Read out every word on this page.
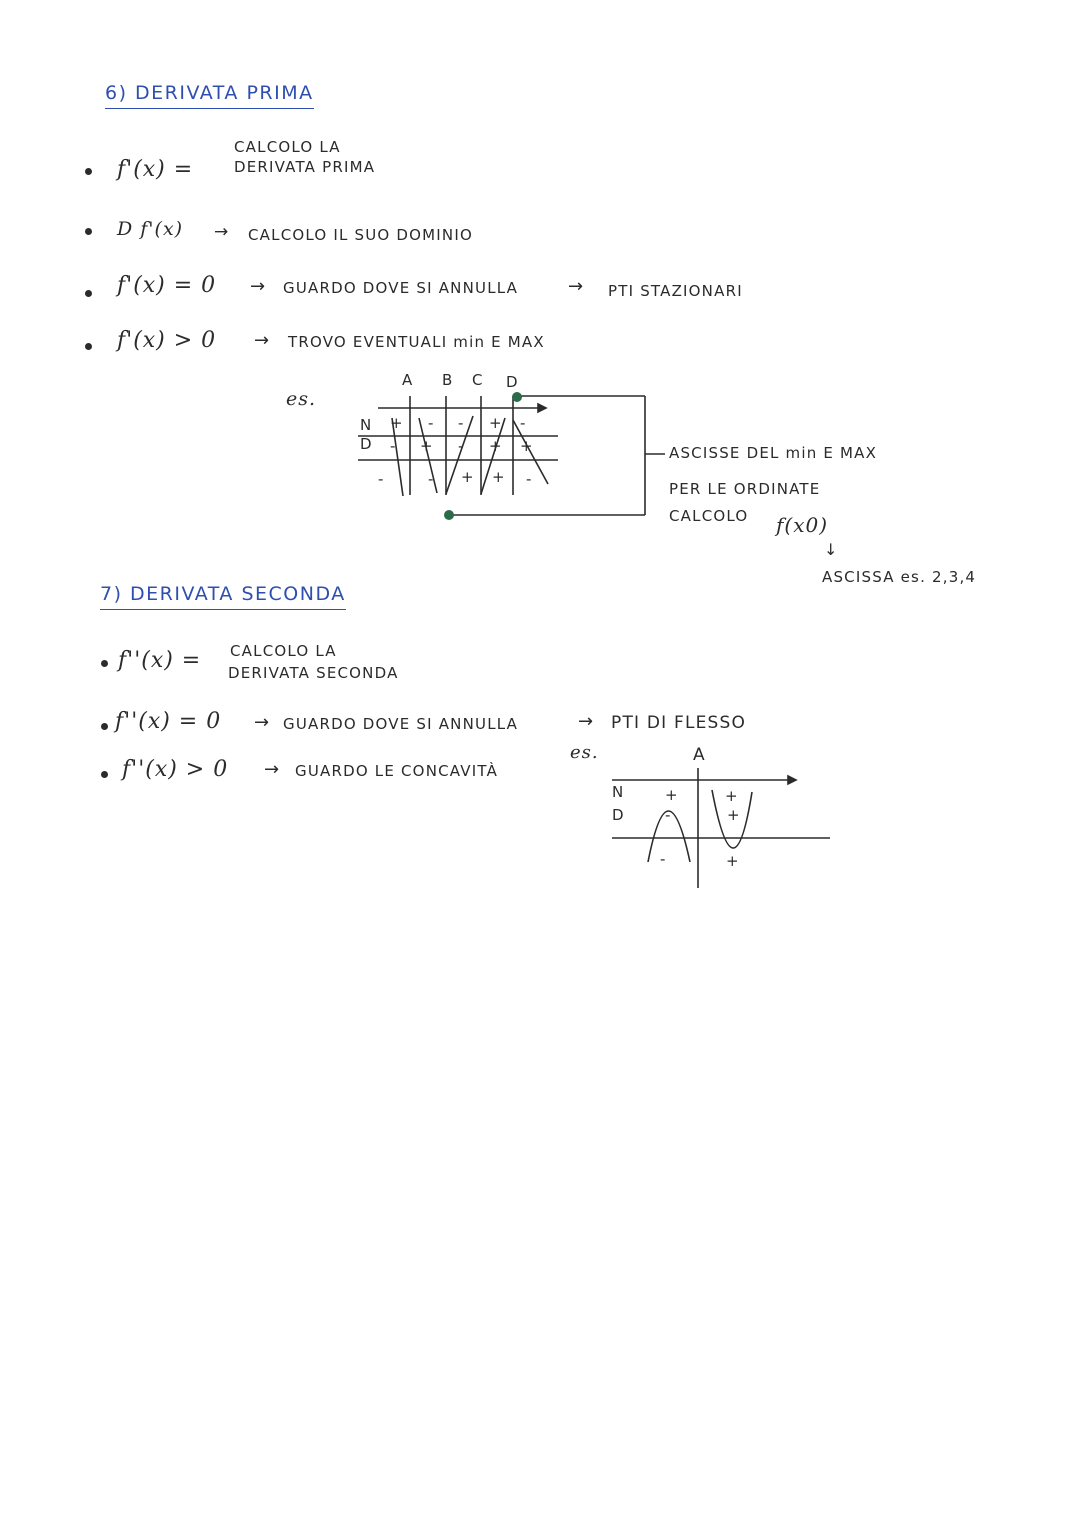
6) DERIVATA PRIMA
f'(x) =
CALCOLO LA
DERIVATA PRIMA
D f'(x) → CALCOLO IL SUO DOMINIO
f'(x) = 0 → GUARDO DOVE SI ANNULLA	→ PTI STAZIONARI
f'(x) > 0 → TROVO EVENTUALI min E MAX
es.
A B C D
N
D
+ - - + -
- + - + +
-	- + + -
ASCISSE DEL min E MAX
PER LE ORDINATE
CALCOLO f(x0)
↓
ASCISSA es. 2,3,4
7) DERIVATA SECONDA
f''(x) = CALCOLO LA
DERIVATA SECONDA
f''(x) = 0 → GUARDO DOVE SI ANNULLA	→ PTI DI FLESSO
f''(x) > 0 → GUARDO LE CONCAVITÀ
es.	A
N
D
+	+
-	+
-	+
